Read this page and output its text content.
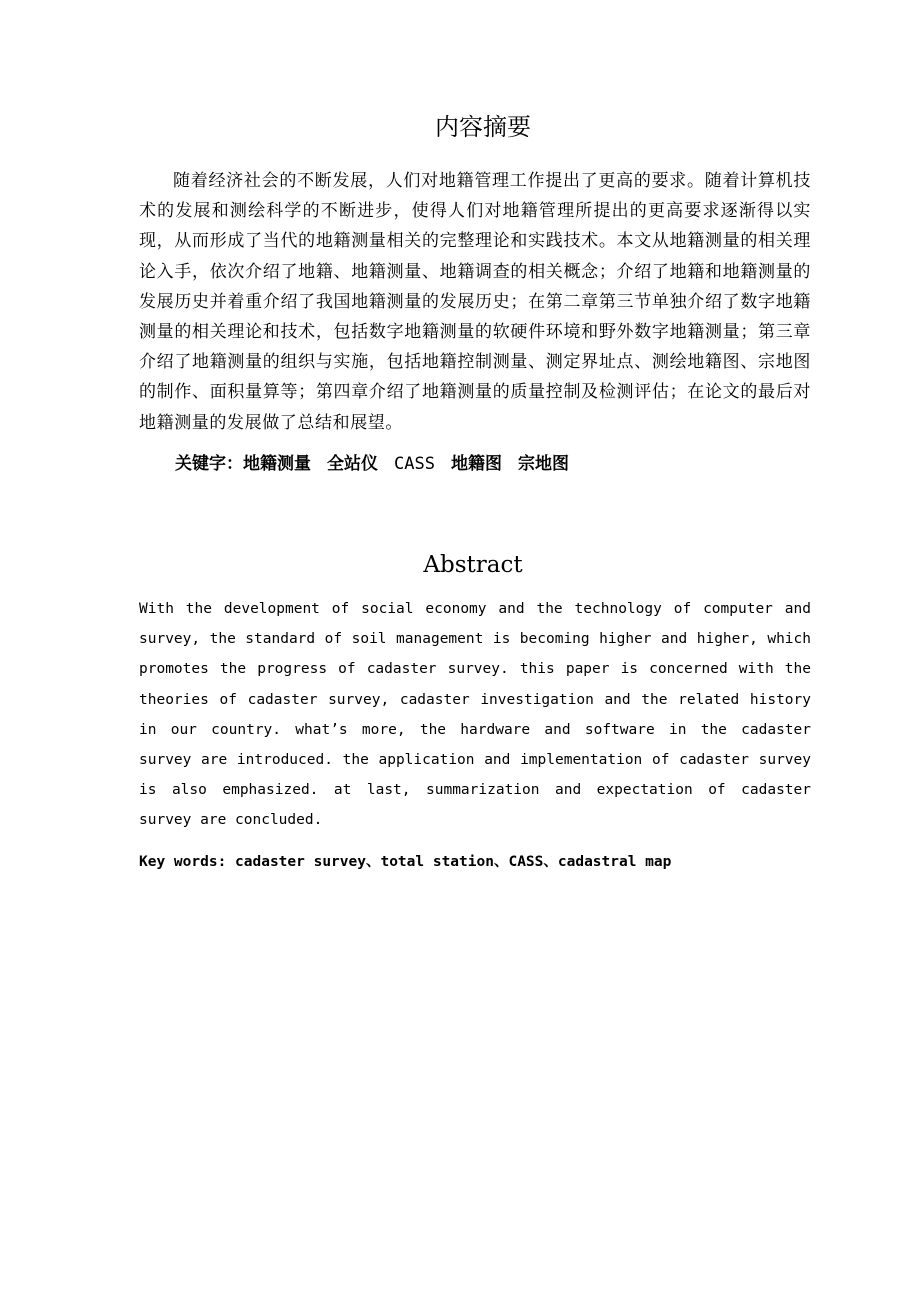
内容摘要

随着经济社会的不断发展，人们对地籍管理工作提出了更高的要求。随着计算机技术的发展和测绘科学的不断进步，使得人们对地籍管理所提出的更高要求逐渐得以实现，从而形成了当代的地籍测量相关的完整理论和实践技术。本文从地籍测量的相关理论入手，依次介绍了地籍、地籍测量、地籍调查的相关概念；介绍了地籍和地籍测量的发展历史并着重介绍了我国地籍测量的发展历史；在第二章第三节单独介绍了数字地籍测量的相关理论和技术，包括数字地籍测量的软硬件环境和野外数字地籍测量；第三章介绍了地籍测量的组织与实施，包括地籍控制测量、测定界址点、测绘地籍图、宗地图的制作、面积量算等；第四章介绍了地籍测量的质量控制及检测评估；在论文的最后对地籍测量的发展做了总结和展望。

关键字：地籍测量 全站仪 CASS 地籍图 宗地图

Abstract

With the development of social economy and the technology of computer and survey, the standard of soil management is becoming higher and higher, which promotes the progress of cadaster survey. this paper is concerned with the theories of cadaster survey, cadaster investigation and the related history in our country. what’s more, the hardware and software in the cadaster survey are introduced. the application and implementation of cadaster survey is also emphasized. at last, summarization and expectation of cadaster survey are concluded.

Key words: cadaster survey、total station、CASS、cadastral map
